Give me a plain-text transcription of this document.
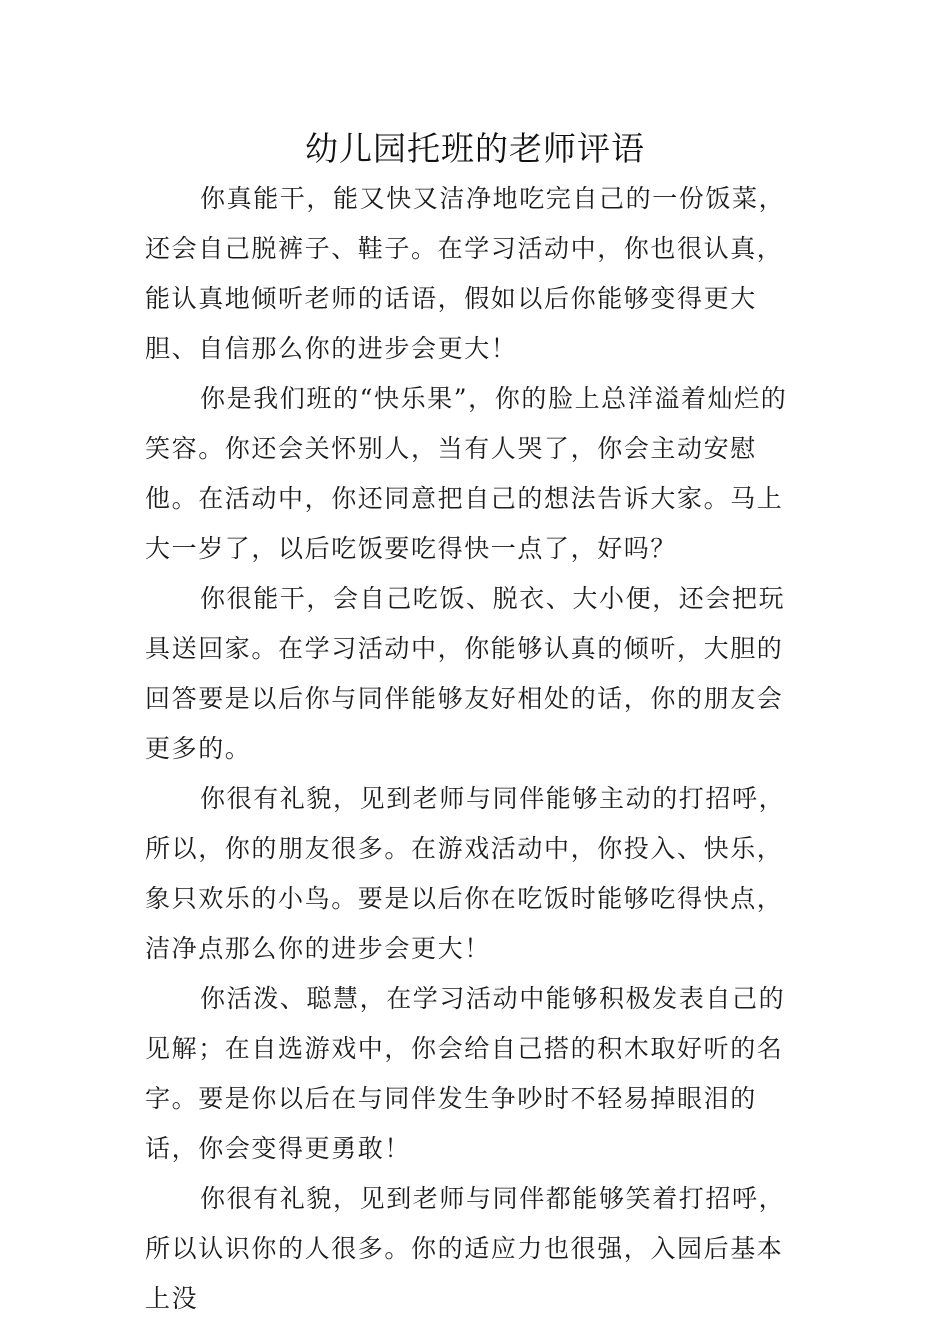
幼儿园托班的老师评语

你真能干，能又快又洁净地吃完自己的一份饭菜，还会自己脱裤子、鞋子。在学习活动中，你也很认真，能认真地倾听老师的话语，假如以后你能够变得更大胆、自信那么你的进步会更大！

你是我们班的“快乐果”，你的脸上总洋溢着灿烂的笑容。你还会关怀别人，当有人哭了，你会主动安慰他。在活动中，你还同意把自己的想法告诉大家。马上大一岁了，以后吃饭要吃得快一点了，好吗？

你很能干，会自己吃饭、脱衣、大小便，还会把玩具送回家。在学习活动中，你能够认真的倾听，大胆的回答要是以后你与同伴能够友好相处的话，你的朋友会更多的。

你很有礼貌，见到老师与同伴能够主动的打招呼，所以，你的朋友很多。在游戏活动中，你投入、快乐，象只欢乐的小鸟。要是以后你在吃饭时能够吃得快点，洁净点那么你的进步会更大！

你活泼、聪慧，在学习活动中能够积极发表自己的见解；在自选游戏中，你会给自己搭的积木取好听的名字。要是你以后在与同伴发生争吵时不轻易掉眼泪的话，你会变得更勇敢！

你很有礼貌，见到老师与同伴都能够笑着打招呼，所以认识你的人很多。你的适应力也很强，入园后基本上没
